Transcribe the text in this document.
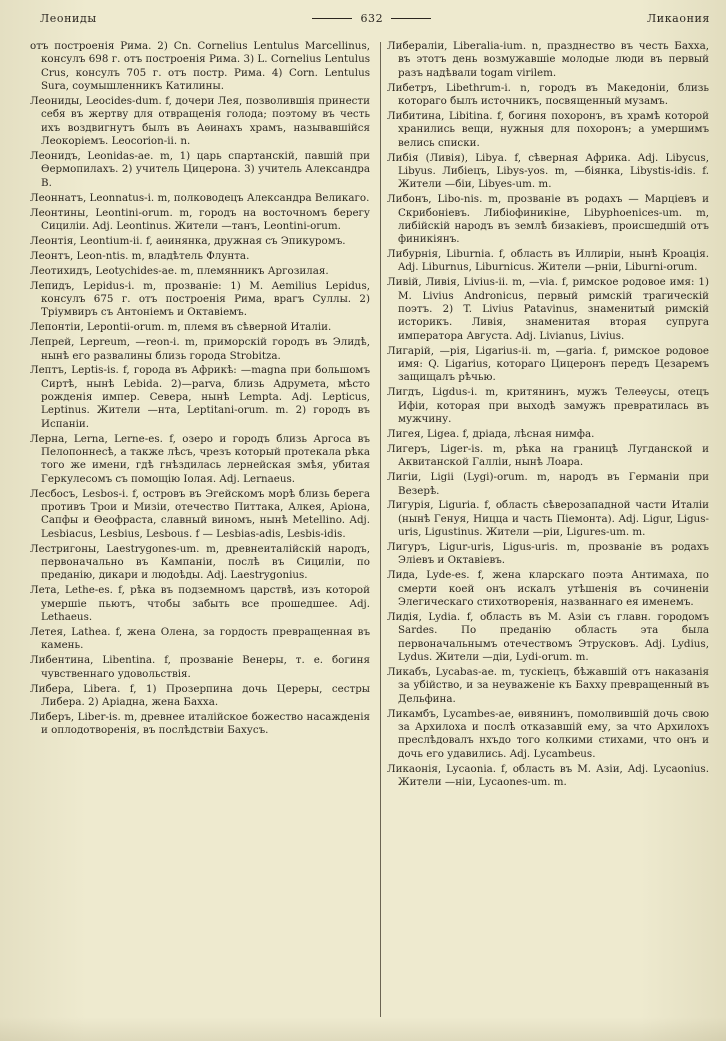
Леониды	632	Ликаония

отъ построенія Рима. 2) Cn. Cornelius Lentulus Marcellinus, консулъ 698 г. отъ построенія Рима. 3) L. Cornelius Lentulus Crus, консулъ 705 г. отъ постр. Рима. 4) Corn. Lentulus Sura, соумышленникъ Катилины.

Леониды, Leocides-dum. f, дочери Лея, позволившія принести себя въ жертву для отвращенія голода; поэтому въ честь ихъ воздвигнутъ былъ въ Аѳинахъ храмъ, называвшійся Леокоріемъ. Leocorion-ii. n.

Леонидъ, Leonidas-ae. m, 1) царь спартанскій, павшій при Ѳермопилахъ. 2) учитель Цицерона. 3) учитель Александра В.

Леоннатъ, Leonnatus-i. m, полководецъ Александра Великаго.

Леонтины, Leontini-orum. m, городъ на восточномъ берегу Сициліи. Adj. Leontinus. Жители —танъ, Leontini-orum.

Леонтія, Leontium-ii. f, аѳинянка, дружная съ Эпикуромъ.

Леонтъ, Leon-ntis. m, владѣтель Флунта.

Леотихидъ, Leotychides-ae. m, племянникъ Аргозилая.

Лепидъ, Lepidus-i. m, прозваніе: 1) M. Aemilius Lepidus, консулъ 675 г. отъ построенія Рима, врагъ Суллы. 2) Тріумвиръ съ Антоніемъ и Октавіемъ.

Лепонтіи, Lepontii-orum. m, племя въ сѣверной Италіи.

Лепрей, Lepreum, —reon-i. m, приморскій городъ въ Элидѣ, нынѣ его развалины близь города Strobitza.

Лептъ, Leptis-is. f, города въ Африкѣ: —magna при большомъ Сиртѣ, нынѣ Lebida. 2)—parva, близь Адрумета, мѣсто рожденія импер. Севера, нынѣ Lempta. Adj. Lepticus, Leptinus. Жители —нта, Leptitani-orum. m. 2) городъ въ Испаніи.

Лерна, Lerna, Lerne-es. f, озеро и городъ близь Аргоса въ Пелопоннесѣ, а также лѣсъ, чрезъ который протекала рѣка того же имени, гдѣ гнѣздилась лернейская змѣя, убитая Геркулесомъ съ помощію Іолая. Adj. Lernaeus.

Лесбосъ, Lesbos-i. f, островъ въ Эгейскомъ морѣ близь берега противъ Трои и Мизіи, отечество Питтака, Алкея, Аріона, Сапфы и Ѳеофраста, славный виномъ, нынѣ Metellino. Adj. Lesbiacus, Lesbius, Lesbous. f — Lesbias-adis, Lesbis-idis.

Лестригоны, Laestrygones-um. m, древнеиталійскій народъ, первоначально въ Кампаніи, послѣ въ Сициліи, по преданію, дикари и людоѣды. Adj. Laestrygonius.

Лета, Lethe-es. f, рѣка въ подземномъ царствѣ, изъ которой умершіе пьютъ, чтобы забыть все прошедшее. Adj. Lethaeus.

Летея, Lathea. f, жена Олена, за гордость превращенная въ камень.

Либентина, Libentina. f, прозваніе Венеры, т. е. богиня чувственнаго удовольствія.

Либера, Libera. f, 1) Прозерпина дочь Цереры, сестры Либера. 2) Аріадна, жена Бахха.

Либеръ, Liber-is. m, древнее италійское божество насажденія и оплодотворенія, въ послѣдствіи Бахусъ.

Либераліи, Liberalia-ium. n, празднество въ честь Бахха, въ этотъ день возмужавшіе молодые люди въ первый разъ надѣвали togam virilem.

Либетръ, Libethrum-i. n, городъ въ Македоніи, близь котораго былъ источникъ, посвященный музамъ.

Либитина, Libitina. f, богиня похоронъ, въ храмѣ которой хранились вещи, нужныя для похоронъ; а умершимъ велись списки.

Либія (Ливія), Libya. f, сѣверная Африка. Adj. Libycus, Libyus. Либіецъ, Libys-yos. m, —біянка, Libystis-idis. f. Жители —біи, Libyes-um. m.

Либонъ, Libo-nis. m, прозваніе въ родахъ — Марціевъ и Скрибоніевъ. Либіофиникіне, Libyphoenices-um. m, либійскій народъ въ землѣ бизакіевъ, происшедшій отъ финикіянъ.

Либурнія, Liburnia. f, область въ Иллиріи, нынѣ Кроація. Adj. Liburnus, Liburnicus. Жители —рніи, Liburni-orum.

Ливій, Ливія, Livius-ii. m, —via. f, римское родовое имя: 1) M. Livius Andronicus, первый римскій трагическій поэтъ. 2) T. Livius Patavinus, знаменитый римскій историкъ. Ливія, знаменитая вторая супруга императора Августа. Adj. Livianus, Livius.

Лигарій, —рія, Ligarius-ii. m, —garia. f, римское родовое имя: Q. Ligarius, котораго Цицеронъ передъ Цезаремъ защищалъ рѣчью.

Лигдъ, Ligdus-i. m, критянинъ, мужъ Телеѳусы, отецъ Ифіи, которая при выходѣ замужъ превратилась въ мужчину.

Лигея, Ligea. f, дріада, лѣсная нимфа.

Лигеръ, Liger-is. m, рѣка на границѣ Лугданской и Аквитанской Галліи, нынѣ Лоара.

Лигіи, Ligii (Lygi)-orum. m, народъ въ Германіи при Везерѣ.

Лигурія, Liguria. f, область сѣверозападной части Италіи (нынѣ Генуя, Ницца и часть Піемонта). Adj. Ligur, Ligus-uris, Ligustinus. Жители —ріи, Ligures-um. m.

Лигуръ, Ligur-uris, Ligus-uris. m, прозваніе въ родахъ Эліевъ и Октавіевъ.

Лида, Lyde-es. f, жена кларскаго поэта Антимаха, по смерти коей онъ искалъ утѣшенія въ сочиненіи Элегическаго стихотворенія, названнаго ея именемъ.

Лидія, Lydia. f, область въ М. Азіи съ главн. городомъ Sardes. По преданію область эта была первоначальнымъ отечествомъ Этрусковъ. Adj. Lydius, Lydus. Жители —діи, Lydi-orum. m.

Ликабъ, Lycabas-ae. m, тускіецъ, бѣжавшій отъ наказанія за убійство, и за неуваженіе къ Бахху превращенный въ Дельфина.

Ликамбъ, Lycambes-ae, ѳивянинъ, помолвившій дочь свою за Архилоха и послѣ отказавшій ему, за что Архилохъ преслѣдовалъ нхъдо того колкими стихами, что онъ и дочь его удавились. Adj. Lycambeus.

Ликаонія, Lycaonia. f, область въ М. Азіи, Adj. Lycaonius. Жители —ніи, Lycaones-um. m.
